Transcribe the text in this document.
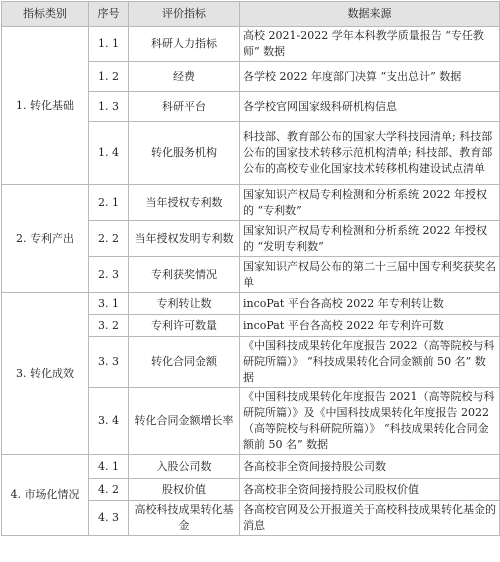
指标类别	序号	评价指标	数据来源
1. 转化基础	1. 1	科研人力指标	高校 2021-2022 学年本科教学质量报告 “专任教师” 数据
	1. 2	经费	各学校 2022 年度部门决算 “支出总计” 数据
	1. 3	科研平台	各学校官网国家级科研机构信息
	1. 4	转化服务机构	科技部、教育部公布的国家大学科技园清单; 科技部公布的国家技术转移示范机构清单; 科技部、教育部公布的高校专业化国家技术转移机构建设试点清单
2. 专利产出	2. 1	当年授权专利数	国家知识产权局专利检测和分析系统 2022 年授权的 “专利数”
	2. 2	当年授权发明专利数	国家知识产权局专利检测和分析系统 2022 年授权的 “发明专利数”
	2. 3	专利获奖情况	国家知识产权局公布的第二十三届中国专利奖获奖名单
3. 转化成效	3. 1	专利转让数	incoPat 平台各高校 2022 年专利转让数
	3. 2	专利许可数量	incoPat 平台各高校 2022 年专利许可数
	3. 3	转化合同金额	《中国科技成果转化年度报告 2022（高等院校与科研院所篇）》 “科技成果转化合同金额前 50 名” 数据
	3. 4	转化合同金额增长率	《中国科技成果转化年度报告 2021（高等院校与科研院所篇）》及《中国科技成果转化年度报告 2022（高等院校与科研院所篇）》 “科技成果转化合同金额前 50 名” 数据
4. 市场化情况	4. 1	入股公司数	各高校非全资间接持股公司数
	4. 2	股权价值	各高校非全资间接持股公司股权价值
	4. 3	高校科技成果转化基金	各高校官网及公开报道关于高校科技成果转化基金的消息
